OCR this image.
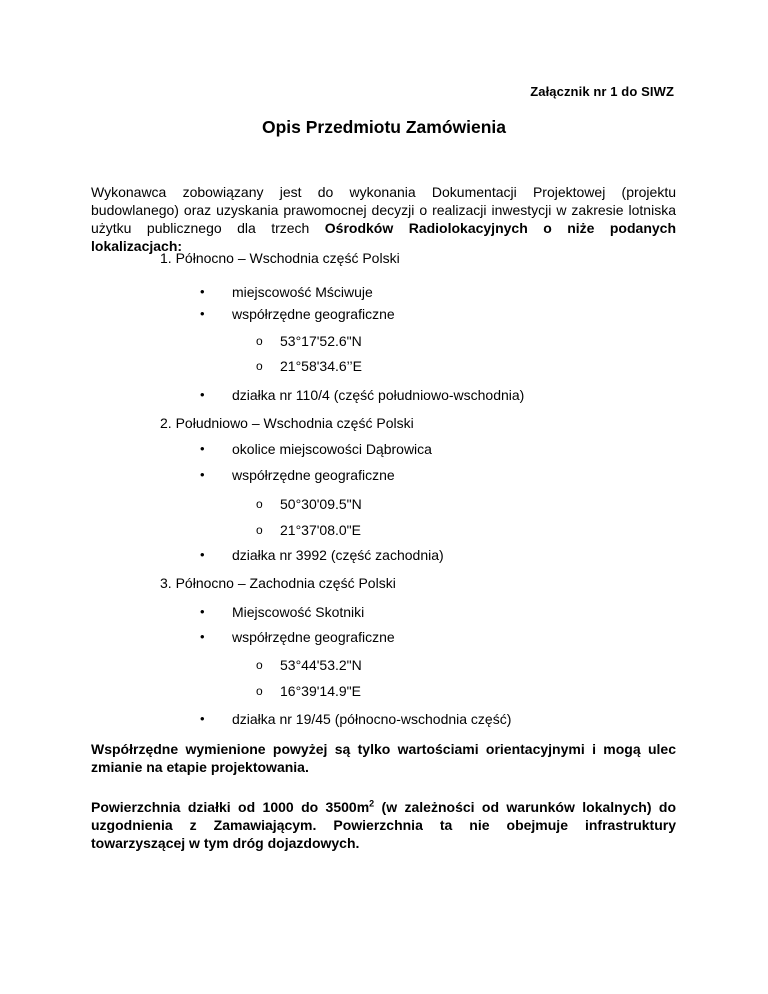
Załącznik nr 1 do SIWZ
Opis Przedmiotu Zamówienia
Wykonawca zobowiązany jest do wykonania Dokumentacji Projektowej (projektu budowlanego) oraz uzyskania prawomocnej decyzji o realizacji inwestycji w zakresie lotniska użytku publicznego dla trzech Ośrodków Radiolokacyjnych o niże podanych lokalizacjach:
1. Północno – Wschodnia część Polski
• miejscowość Mściwuje
• współrzędne geograficzne
o 53°17'52.6"N
o 21°58'34.6’’E
• działka nr 110/4 (część południowo-wschodnia)
2. Południowo – Wschodnia część Polski
• okolice miejscowości Dąbrowica
• współrzędne geograficzne
o 50°30'09.5"N
o 21°37'08.0"E
• działka nr 3992 (część zachodnia)
3. Północno – Zachodnia część Polski
• Miejscowość Skotniki
• współrzędne geograficzne
o 53°44'53.2"N
o 16°39'14.9"E
• działka nr 19/45 (północno-wschodnia część)
Współrzędne wymienione powyżej są tylko wartościami orientacyjnymi i mogą ulec zmianie na etapie projektowania.
Powierzchnia działki od 1000 do $3500m^2$ (w zależności od warunków lokalnych) do uzgodnienia z Zamawiającym. Powierzchnia ta nie obejmuje infrastruktury towarzyszącej w tym dróg dojazdowych.
